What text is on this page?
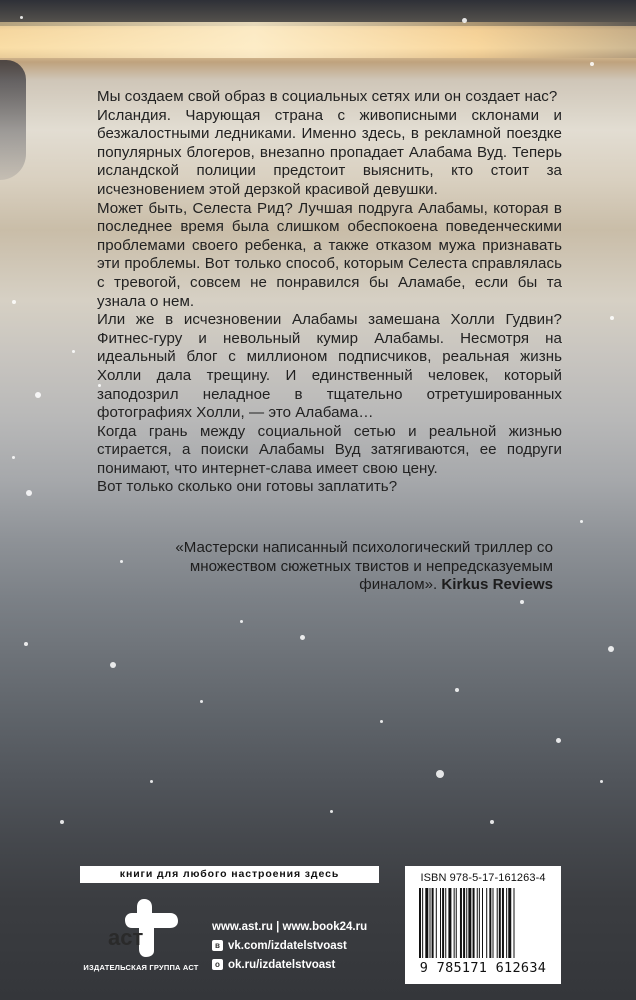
Мы создаем свой образ в социальных сетях или он создает нас?

Исландия. Чарующая страна с живописными склонами и безжалостными ледниками. Именно здесь, в рекламной поездке популярных блогеров, внезапно пропадает Алабама Вуд. Теперь исландской полиции предстоит выяснить, кто стоит за исчезновением этой дерзкой красивой девушки.

Может быть, Селеста Рид? Лучшая подруга Алабамы, которая в последнее время была слишком обеспокоена поведенческими проблемами своего ребенка, а также отказом мужа признавать эти проблемы. Вот только способ, которым Селеста справлялась с тревогой, совсем не понравился бы Аламабе, если бы та узнала о нем.

Или же в исчезновении Алабамы замешана Холли Гудвин? Фитнес-гуру и невольный кумир Алабамы. Несмотря на идеальный блог с миллионом подписчиков, реальная жизнь Холли дала трещину. И единственный человек, который заподозрил неладное в тщательно отретушированных фотографиях Холли, — это Алабама…

Когда грань между социальной сетью и реальной жизнью стирается, а поиски Алабамы Вуд затягиваются, ее подруги понимают, что интернет-слава имеет свою цену.

Вот только сколько они готовы заплатить?

«Мастерски написанный психологический триллер со множеством сюжетных твистов и непредсказуемым финалом». Kirkus Reviews
книги для любого настроения здесь	ISBN 978-5-17-161263-4
9 785171 612634
аст
ИЗДАТЕЛЬСКАЯ ГРУППА АСТ
www.ast.ru | www.book24.ru
в vk.com/izdatelstvoast
о ok.ru/izdatelstvoast
